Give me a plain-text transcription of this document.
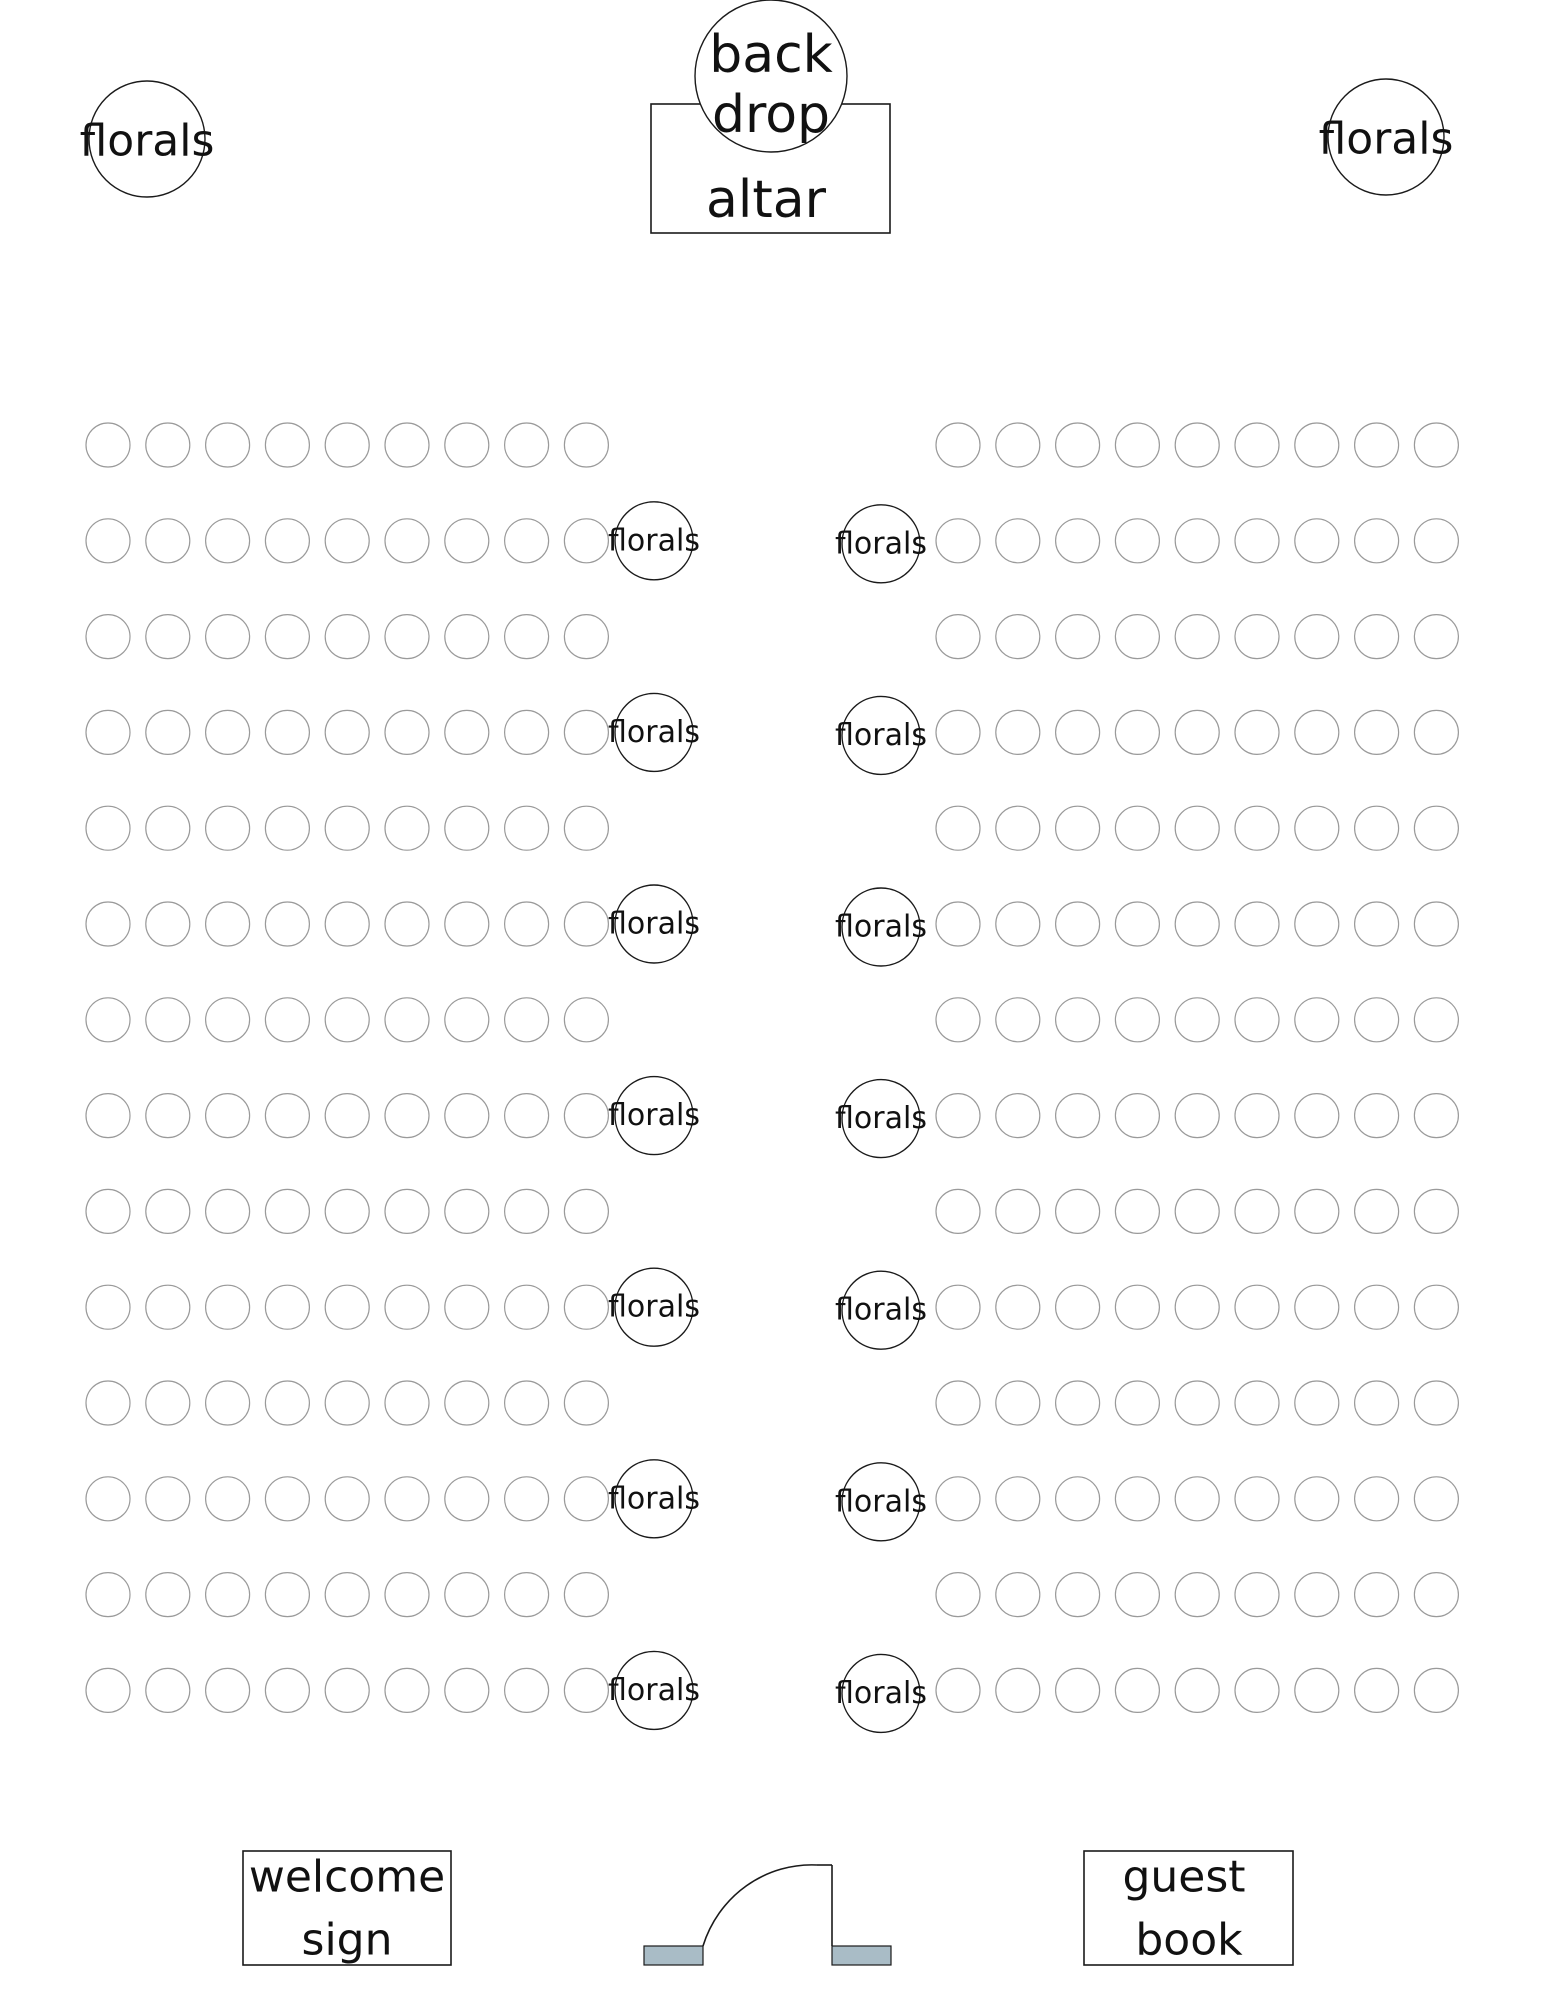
back
drop
altar
florals	florals
florals	florals
florals	florals
florals	florals
florals	florals
florals	florals
florals	florals
florals	florals
welcome
sign
guest
book
